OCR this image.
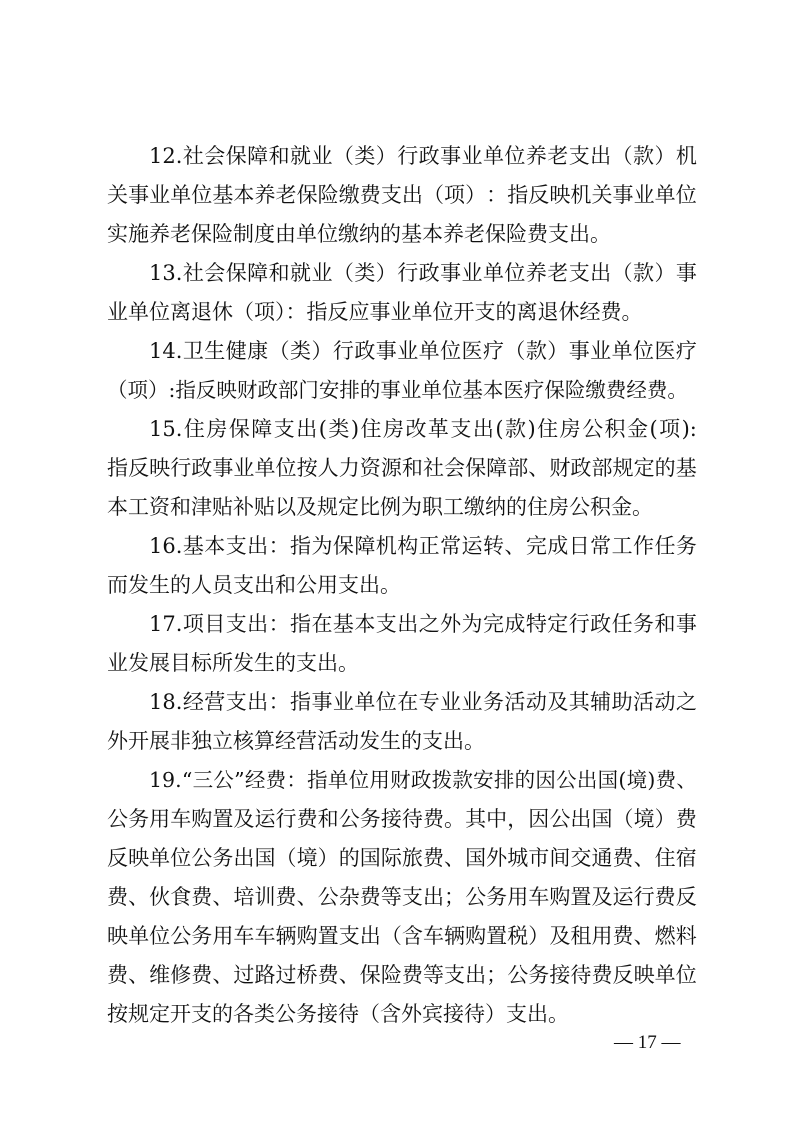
12. 社 会 保 障 和 就 业 （ 类 ） 行 政 事 业 单 位 养 老 支 出 （ 款 ） 机
关 事 业 单 位 基 本 养 老 保 险 缴 费 支 出 （ 项 ） ： 指 反 映 机 关 事 业 单 位
实施养老保险制度由单位缴纳的基本养老保险费支出。
13. 社 会 保 障 和 就 业 （ 类 ） 行 政 事 业 单 位 养 老 支 出 （ 款 ） 事
业单位离退休（项）：指反应事业单位开支的离退休经费。
14. 卫 生 健 康 （ 类 ） 行 政 事 业 单 位 医 疗 （ 款 ） 事 业 单 位 医 疗
（项）:指反映财政部门安排的事业单位基本医疗保险缴费经费。
15. 住 房 保 障 支 出 ( 类 ) 住 房 改 革 支 出 ( 款 ) 住 房 公 积 金 ( 项 ):
指 反 映 行 政 事 业 单 位 按 人 力 资 源 和 社 会 保 障 部 、 财 政 部 规 定 的 基
本工资和津贴补贴以及规定比例为职工缴纳的住房公积金。
16. 基 本 支 出 ： 指 为 保 障 机 构 正 常 运 转 、 完 成 日 常 工 作 任 务
而发生的人员支出和公用支出。
17. 项 目 支 出 ： 指 在 基 本 支 出 之 外 为 完 成 特 定 行 政 任 务 和 事
业发展目标所发生的支出。
18. 经 营 支 出 ： 指 事 业 单 位 在 专 业 业 务 活 动 及 其 辅 助 活 动 之
外开展非独立核算经营活动发生的支出。
19. “ 三 公 ” 经 费 ： 指 单 位 用 财 政 拨 款 安 排 的 因 公 出 国 ( 境 ) 费 、
公 务 用 车 购 置 及 运 行 费 和 公 务 接 待 费 。 其 中 ， 因 公 出 国 （ 境 ） 费
反 映 单 位 公 务 出 国 （ 境 ） 的 国 际 旅 费 、 国 外 城 市 间 交 通 费 、 住 宿
费 、 伙 食 费 、 培 训 费 、 公 杂 费 等 支 出 ； 公 务 用 车 购 置 及 运 行 费 反
映 单 位 公 务 用 车 车 辆 购 置 支 出 （ 含 车 辆 购 置 税 ） 及 租 用 费 、 燃 料
费 、 维 修 费 、 过 路 过 桥 费 、 保 险 费 等 支 出 ； 公 务 接 待 费 反 映 单 位
按规定开支的各类公务接待（含外宾接待）支出。
— 17 —
